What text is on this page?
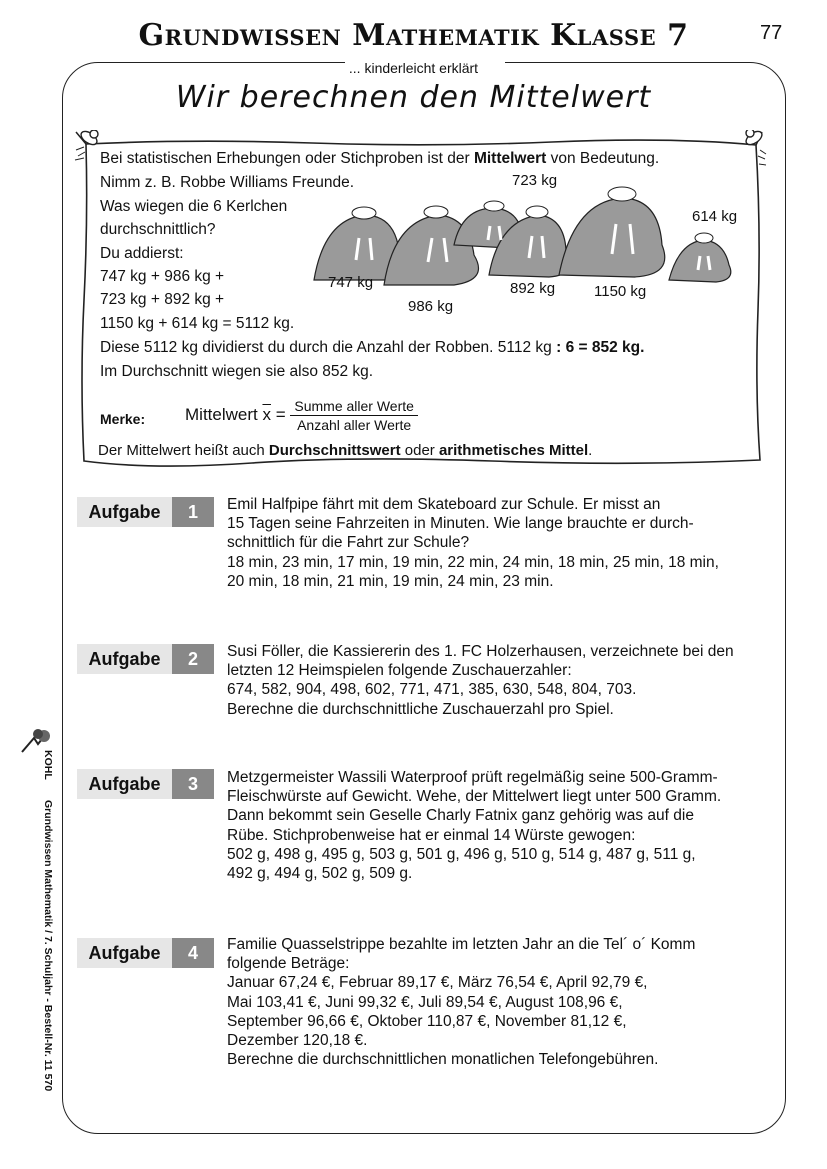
Grundwissen Mathematik Klasse 7	77
... kinderleicht erklärt
Wir berechnen den Mittelwert
723 kg
614 kg
747 kg
986 kg
892 kg	1150 kg
Bei statistischen Erhebungen oder Stichproben ist der Mittelwert von Bedeutung.
Nimm z. B. Robbe Williams Freunde.
Was wiegen die 6 Kerlchen
durchschnittlich?
Du addierst:
747 kg + 986 kg +
723 kg + 892 kg +
1150 kg + 614 kg = 5112 kg.
Diese 5112 kg dividierst du durch die Anzahl der Robben. 5112 kg : 6 = 852 kg.
Im Durchschnitt wiegen sie also 852 kg.
Merke: Mittelwert $\overline{x} = \frac{\text{Summe aller Werte}}{\text{Anzahl aller Werte}}$
Der Mittelwert heißt auch Durchschnittswert oder arithmetisches Mittel.
Aufgabe	1	Emil Halfpipe fährt mit dem Skateboard zur Schule. Er misst an
15 Tagen seine Fahrzeiten in Minuten. Wie lange brauchte er durch-
schnittlich für die Fahrt zur Schule?
18 min, 23 min, 17 min, 19 min, 22 min, 24 min, 18 min, 25 min, 18 min,
20 min, 18 min, 21 min, 19 min, 24 min, 23 min.
Aufgabe	2	Susi Föller, die Kassiererin des 1. FC Holzerhausen, verzeichnete bei den
letzten 12 Heimspielen folgende Zuschauerzahler:
674, 582, 904, 498, 602, 771, 471, 385, 630, 548, 804, 703.
Berechne die durchschnittliche Zuschauerzahl pro Spiel.
Aufgabe	3	Metzgermeister Wassili Waterproof prüft regelmäßig seine 500-Gramm-
Fleischwürste auf Gewicht. Wehe, der Mittelwert liegt unter 500 Gramm.
Dann bekommt sein Geselle Charly Fatnix ganz gehörig was auf die
Rübe. Stichprobenweise hat er einmal 14 Würste gewogen:
502 g, 498 g, 495 g, 503 g, 501 g, 496 g, 510 g, 514 g, 487 g, 511 g,
492 g, 494 g, 502 g, 509 g.
Aufgabe	4	Familie Quasselstrippe bezahlte im letzten Jahr an die Tel´ o´ Komm
folgende Beträge:
Januar 67,24 €, Februar 89,17 €, März 76,54 €, April 92,79 €,
Mai 103,41 €, Juni 99,32 €, Juli 89,54 €, August 108,96 €,
September 96,66 €, Oktober 110,87 €, November 81,12 €,
Dezember 120,18 €.
Berechne die durchschnittlichen monatlichen Telefongebühren.
KOHL
Grundwissen Mathematik / 7. Schuljahr - Bestell-Nr. 11 570
